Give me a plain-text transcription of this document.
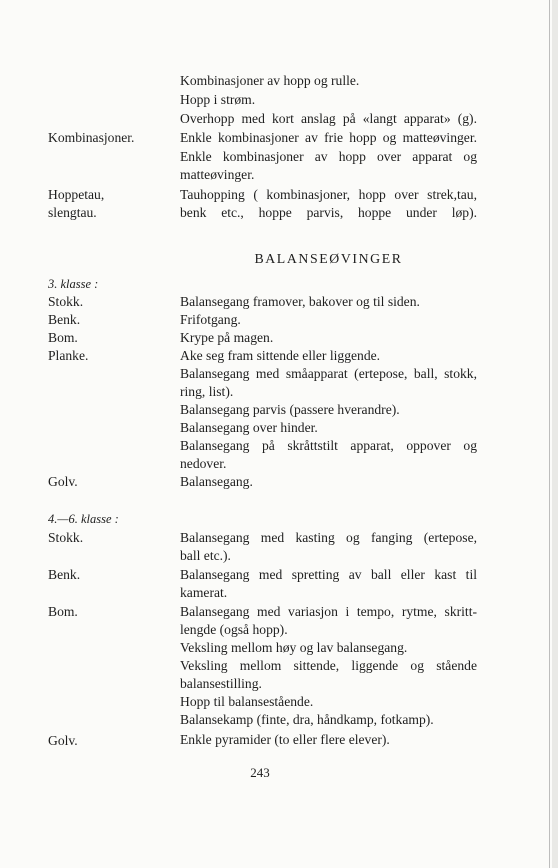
Kombinasjoner av hopp og rulle.
Hopp i strøm.
Overhopp med kort anslag på «langt apparat» (g).
Kombinasjoner.	Enkle kombinasjoner av frie hopp og matteøvinger.
Enkle kombinasjoner av hopp over apparat og
matteøvinger.
Hoppetau,	Tauhopping ( kombinasjoner, hopp over strek,tau,
slengtau.	benk etc., hoppe parvis, hoppe under løp).
BALANSEØVINGER
3. klasse :
Stokk.	Balansegang framover, bakover og til siden.
Benk.	Frifotgang.
Bom.	Krype på magen.
Planke.	Ake seg fram sittende eller liggende.
Balansegang med småapparat (ertepose, ball, stokk,
ring, list).
Balansegang parvis (passere hverandre).
Balansegang over hinder.
Balansegang på skråttstilt apparat, oppover og
nedover.
Golv.	Balansegang.
4.—6. klasse :
Stokk.	Balansegang med kasting og fanging (ertepose,
ball etc.).
Benk.	Balansegang med spretting av ball eller kast til
kamerat.
Bom.	Balansegang med variasjon i tempo, rytme, skritt-
lengde (også hopp).
Veksling mellom høy og lav balansegang.
Veksling mellom sittende, liggende og stående
balansestilling.
Hopp til balansestående.
Balansekamp (finte, dra, håndkamp, fotkamp).
Golv.	Enkle pyramider (to eller flere elever).
243
